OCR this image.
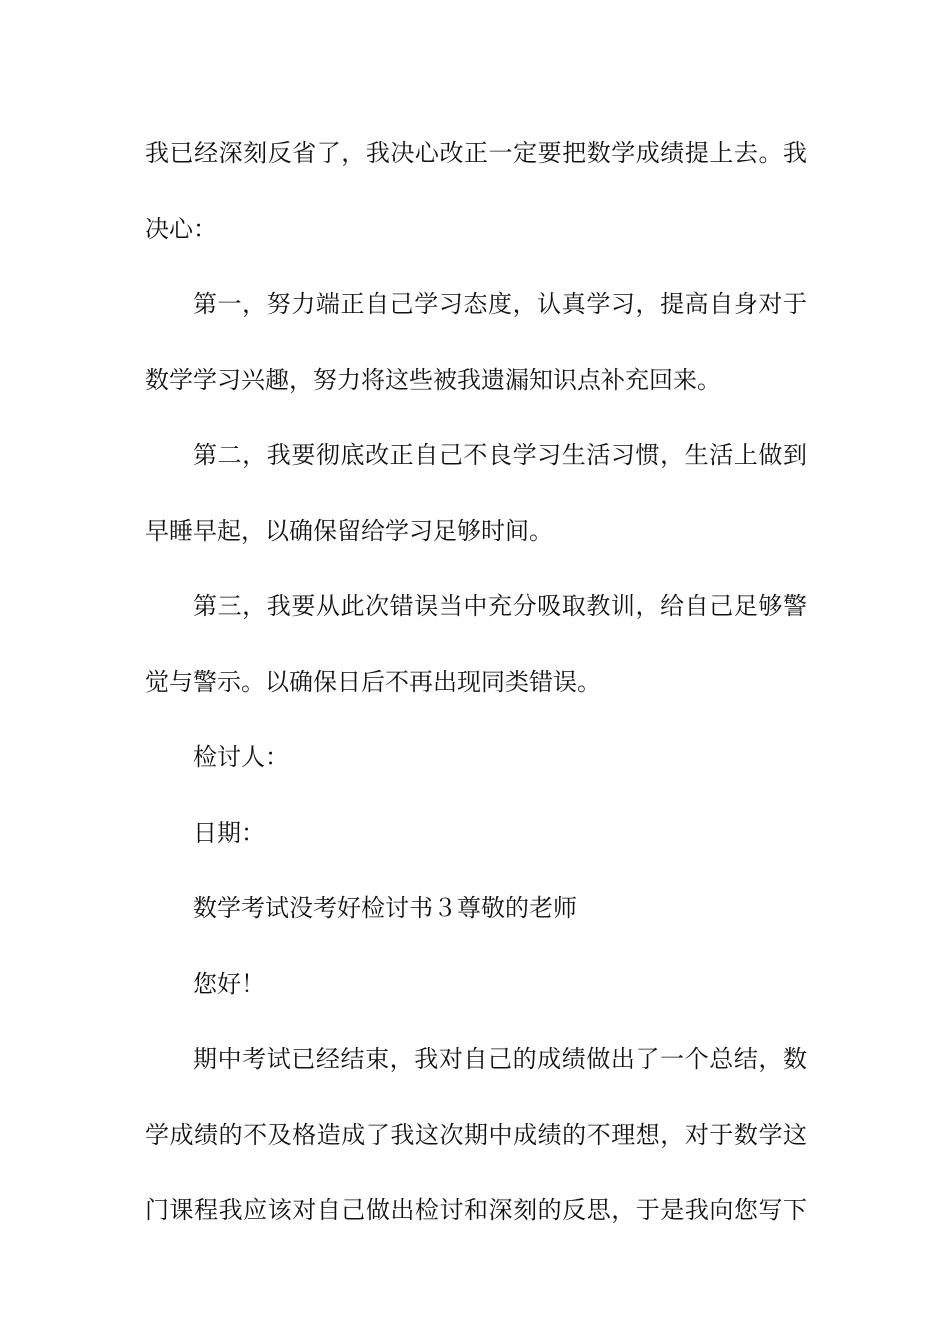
我已经深刻反省了，我决心改正一定要把数学成绩提上去。我
决心：
第一，努力端正自己学习态度，认真学习，提高自身对于
数学学习兴趣，努力将这些被我遗漏知识点补充回来。
第二，我要彻底改正自己不良学习生活习惯，生活上做到
早睡早起，以确保留给学习足够时间。
第三，我要从此次错误当中充分吸取教训，给自己足够警
觉与警示。以确保日后不再出现同类错误。
检讨人：
日期：
数学考试没考好检讨书３尊敬的老师
您好！
期中考试已经结束，我对自己的成绩做出了一个总结，数
学成绩的不及格造成了我这次期中成绩的不理想，对于数学这
门课程我应该对自己做出检讨和深刻的反思，于是我向您写下
